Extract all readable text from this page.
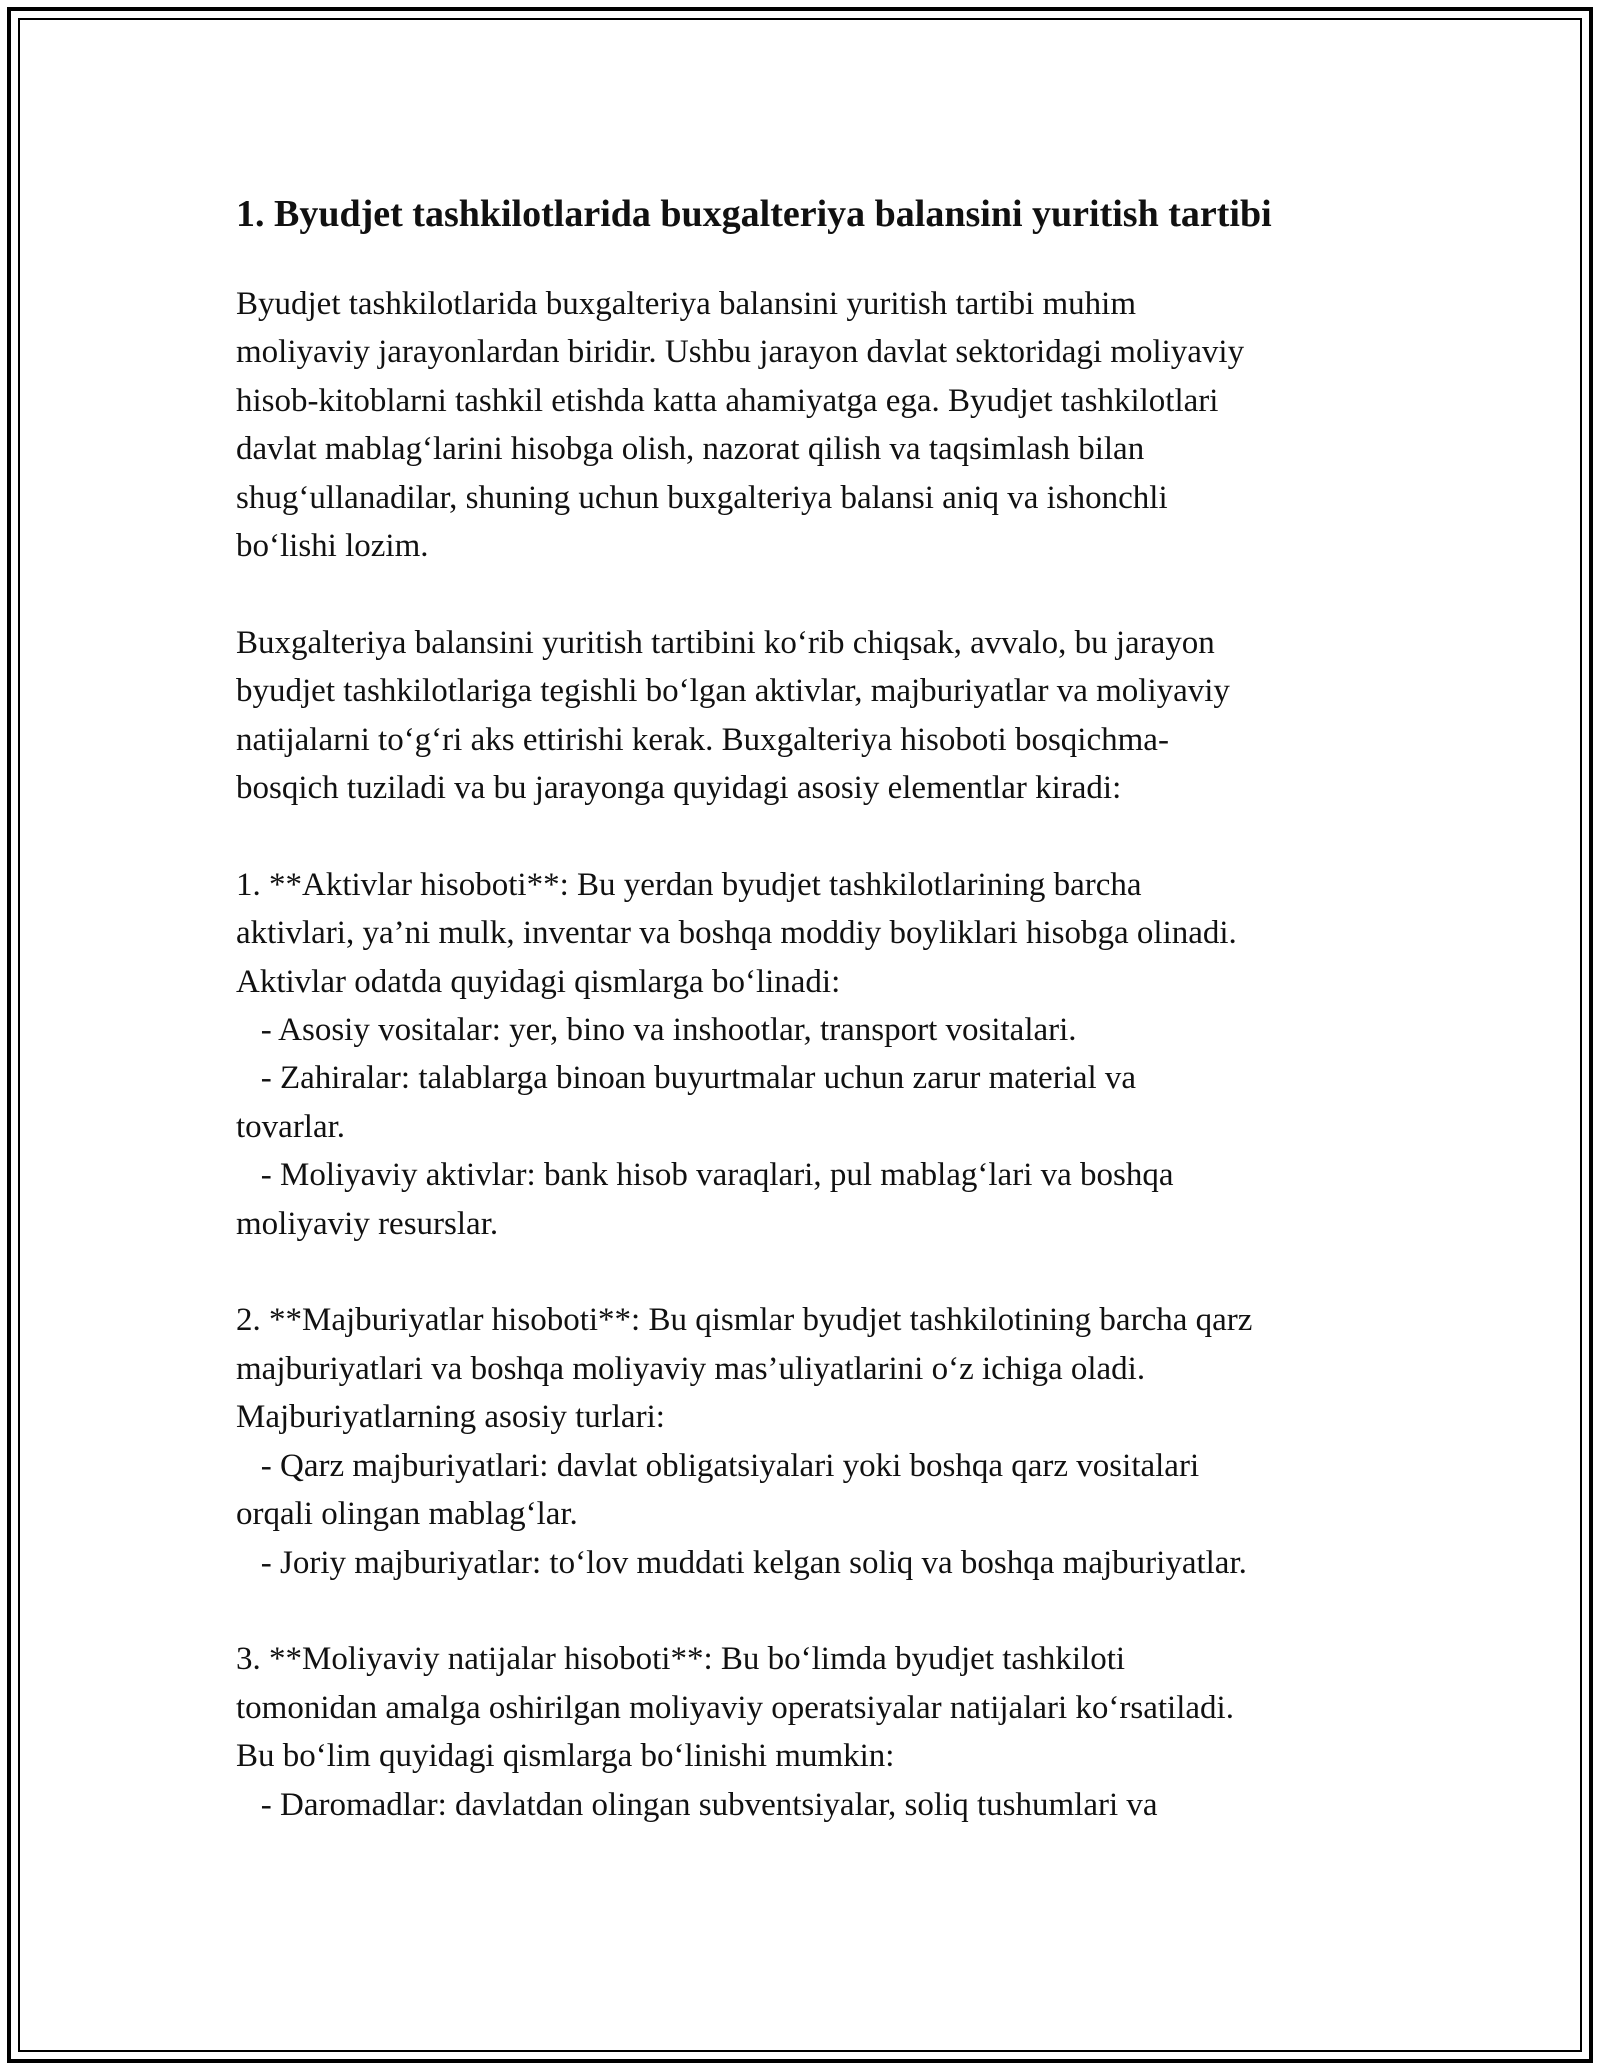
1. Byudjet tashkilotlarida buxgalteriya balansini yuritish tartibi

Byudjet tashkilotlarida buxgalteriya balansini yuritish tartibi muhim
moliyaviy jarayonlardan biridir. Ushbu jarayon davlat sektoridagi moliyaviy
hisob-kitoblarni tashkil etishda katta ahamiyatga ega. Byudjet tashkilotlari
davlat mablag‘larini hisobga olish, nazorat qilish va taqsimlash bilan
shug‘ullanadilar, shuning uchun buxgalteriya balansi aniq va ishonchli
bo‘lishi lozim.

Buxgalteriya balansini yuritish tartibini ko‘rib chiqsak, avvalo, bu jarayon
byudjet tashkilotlariga tegishli bo‘lgan aktivlar, majburiyatlar va moliyaviy
natijalarni to‘g‘ri aks ettirishi kerak. Buxgalteriya hisoboti bosqichma-
bosqich tuziladi va bu jarayonga quyidagi asosiy elementlar kiradi:

1. **Aktivlar hisoboti**: Bu yerdan byudjet tashkilotlarining barcha
aktivlari, ya’ni mulk, inventar va boshqa moddiy boyliklari hisobga olinadi.
Aktivlar odatda quyidagi qismlarga bo‘linadi:
- Asosiy vositalar: yer, bino va inshootlar, transport vositalari.
- Zahiralar: talablarga binoan buyurtmalar uchun zarur material va
tovarlar.
- Moliyaviy aktivlar: bank hisob varaqlari, pul mablag‘lari va boshqa
moliyaviy resurslar.

2. **Majburiyatlar hisoboti**: Bu qismlar byudjet tashkilotining barcha qarz
majburiyatlari va boshqa moliyaviy mas’uliyatlarini o‘z ichiga oladi.
Majburiyatlarning asosiy turlari:
- Qarz majburiyatlari: davlat obligatsiyalari yoki boshqa qarz vositalari
orqali olingan mablag‘lar.
- Joriy majburiyatlar: to‘lov muddati kelgan soliq va boshqa majburiyatlar.

3. **Moliyaviy natijalar hisoboti**: Bu bo‘limda byudjet tashkiloti
tomonidan amalga oshirilgan moliyaviy operatsiyalar natijalari ko‘rsatiladi.
Bu bo‘lim quyidagi qismlarga bo‘linishi mumkin:
- Daromadlar: davlatdan olingan subventsiyalar, soliq tushumlari va
